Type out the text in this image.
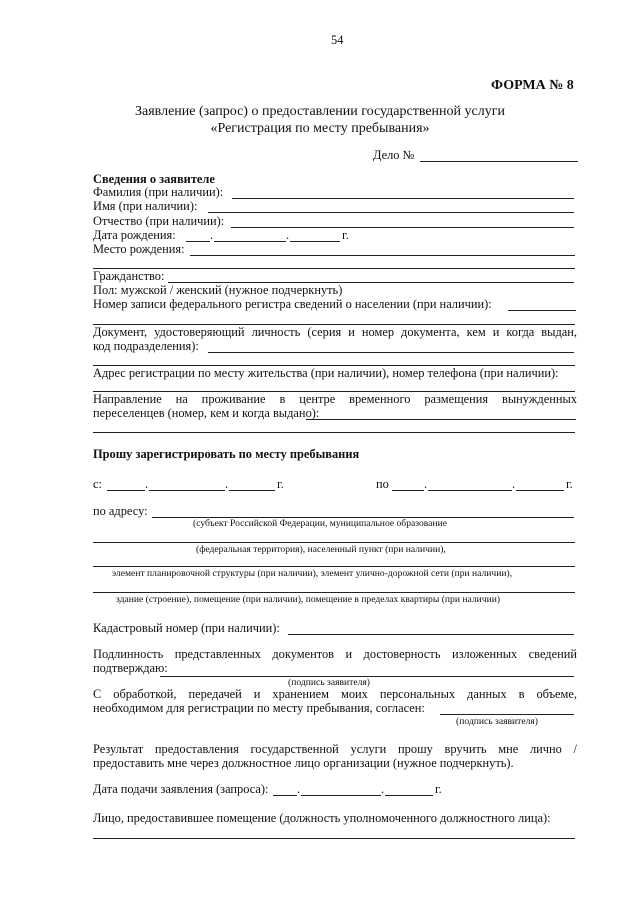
54
ФОРМА № 8
Заявление (запрос) о предоставлении государственной услуги
«Регистрация по месту пребывания»
Дело №
Сведения о заявителе
Фамилия (при наличии):
Имя (при наличии):
Отчество (при наличии):
Дата рождения:	.	.	г.
Место рождения:
Гражданство:
Пол: мужской / женский (нужное подчеркнуть)
Номер записи федерального регистра сведений о населении (при наличии):
Документ, удостоверяющий личность (серия и номер документа, кем и когда выдан,
код подразделения):
Адрес регистрации по месту жительства (при наличии), номер телефона (при наличии):
Направление на проживание в центре временного размещения вынужденных
переселенцев (номер, кем и когда выдано):
Прошу зарегистрировать по месту пребывания
с:	.	.	г.	по	.	.	г.
по адресу:
(субъект Российской Федерации, муниципальное образование
(федеральная территория), населенный пункт (при наличии),
элемент планировочной структуры (при наличии), элемент улично-дорожной сети (при наличии),
здание (строение), помещение (при наличии), помещение в пределах квартиры (при наличии)
Кадастровый номер (при наличии):
Подлинность представленных документов и достоверность изложенных сведений
подтверждаю:
(подпись заявителя)
С обработкой, передачей и хранением моих персональных данных в объеме,
необходимом для регистрации по месту пребывания, согласен:
(подпись заявителя)
Результат предоставления государственной услуги прошу вручить мне лично /
предоставить мне через должностное лицо организации (нужное подчеркнуть).
Дата подачи заявления (запроса): .	.	г.
Лицо, предоставившее помещение (должность уполномоченного должностного лица):
